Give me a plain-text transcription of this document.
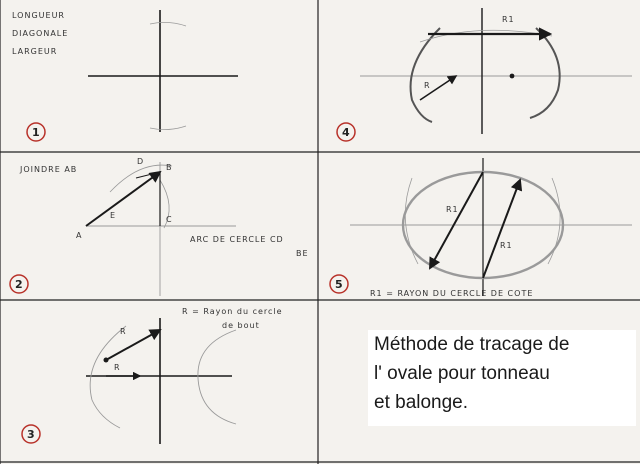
LONGUEUR
DIAGONALE
LARGEUR
1
JOINDRE AB
A
B
C
D
E
ARC DE CERCLE CD
BE
2
R = Rayon du cercle
de bout
R
R
3
R1
R
4
R1
R1
R1 = RAYON DU CERCLE DE COTE
5
Méthode de tracage de
l' ovale pour tonneau
et balonge.
